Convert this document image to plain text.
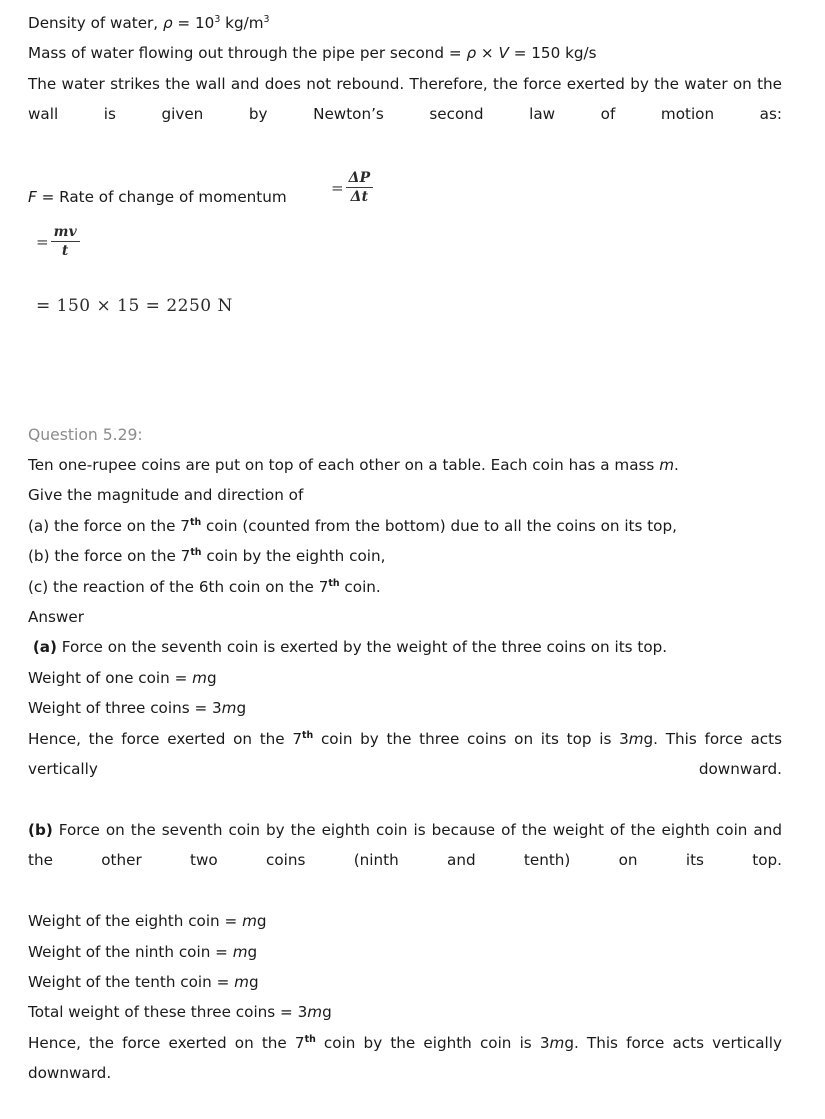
Density of water, $\rho = 10^3$ $kg/m^3$
Mass of water flowing out through the pipe per second = ρ × V = 150 kg/s
The water strikes the wall and does not rebound. Therefore, the force exerted by the water on the wall is given by Newton’s second law of motion as:
F = Rate of change of momentum
= $\frac{\Delta P}{\Delta t}$
= $\frac{mv}{t}$
= 150 × 15 = 2250 N
Question 5.29:
Ten one-rupee coins are put on top of each other on a table. Each coin has a mass m.
Give the magnitude and direction of
(a) the force on the 7th coin (counted from the bottom) due to all the coins on its top,
(b) the force on the 7th coin by the eighth coin,
(c) the reaction of the 6th coin on the 7th coin.
Answer
(a) Force on the seventh coin is exerted by the weight of the three coins on its top.
Weight of one coin = mg
Weight of three coins = 3mg
Hence, the force exerted on the 7th coin by the three coins on its top is 3mg. This force acts vertically downward.
(b) Force on the seventh coin by the eighth coin is because of the weight of the eighth coin and the other two coins (ninth and tenth) on its top.
Weight of the eighth coin = mg
Weight of the ninth coin = mg
Weight of the tenth coin = mg
Total weight of these three coins = 3mg
Hence, the force exerted on the 7th coin by the eighth coin is 3mg. This force acts vertically downward.
